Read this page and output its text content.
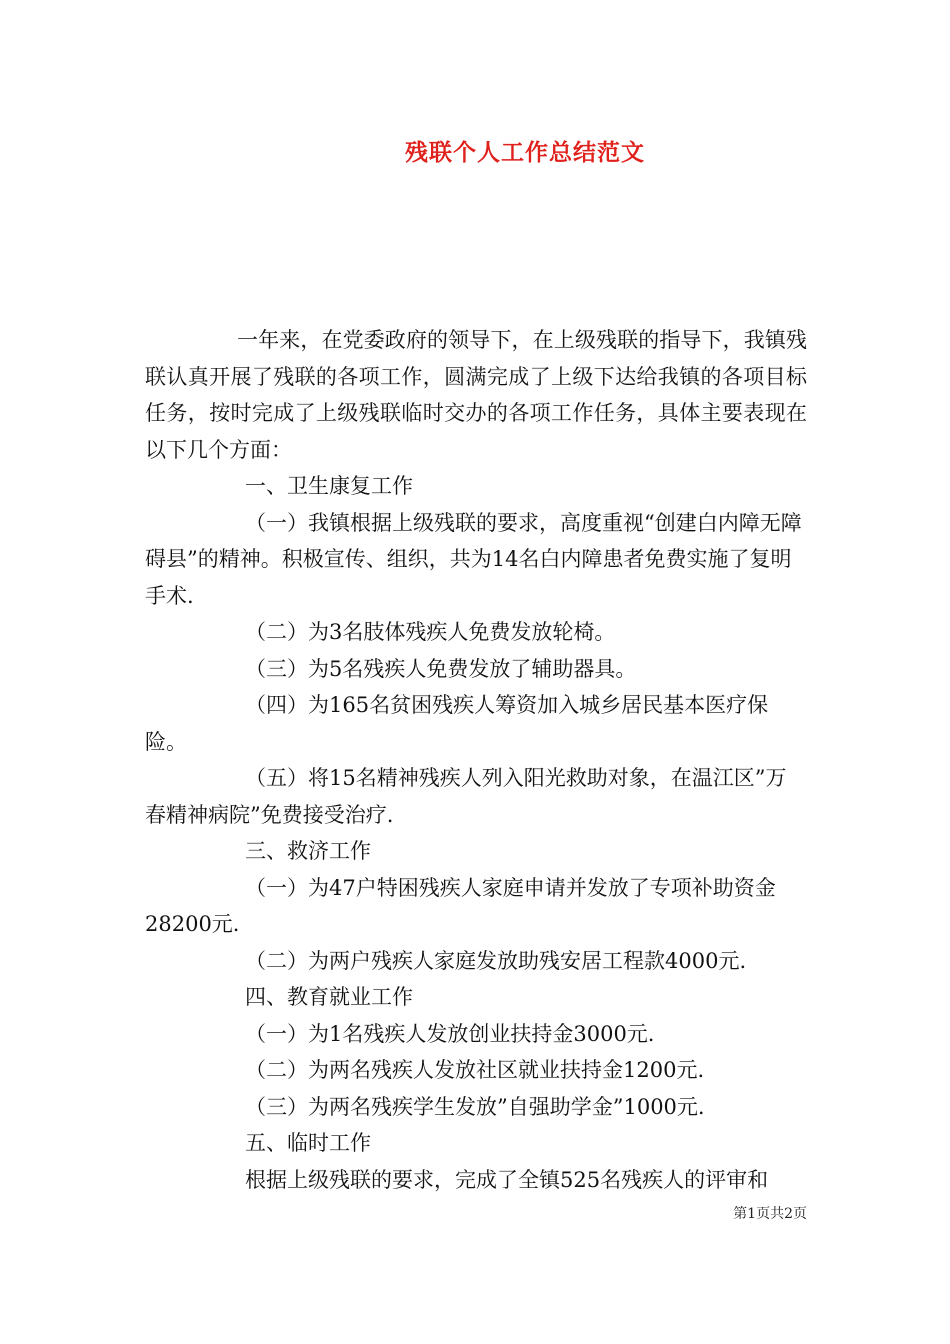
残联个人工作总结范文

一年来，在党委政府的领导下，在上级残联的指导下，我镇残联认真开展了残联的各项工作，圆满完成了上级下达给我镇的各项目标任务，按时完成了上级残联临时交办的各项工作任务，具体主要表现在以下几个方面：

一、卫生康复工作

（一）我镇根据上级残联的要求，高度重视“创建白内障无障碍县”的精神。积极宣传、组织，共为14名白内障患者免费实施了复明手术.

（二）为3名肢体残疾人免费发放轮椅。

（三）为5名残疾人免费发放了辅助器具。

（四）为165名贫困残疾人筹资加入城乡居民基本医疗保险。

（五）将15名精神残疾人列入阳光救助对象，在温江区”万春精神病院”免费接受治疗.

三、救济工作

（一）为47户特困残疾人家庭申请并发放了专项补助资金28200元.

（二）为两户残疾人家庭发放助残安居工程款4000元.

四、教育就业工作

（一）为1名残疾人发放创业扶持金3000元.

（二）为两名残疾人发放社区就业扶持金1200元.

（三）为两名残疾学生发放”自强助学金”1000元.

五、临时工作

根据上级残联的要求，完成了全镇525名残疾人的评审和

第1页共2页
